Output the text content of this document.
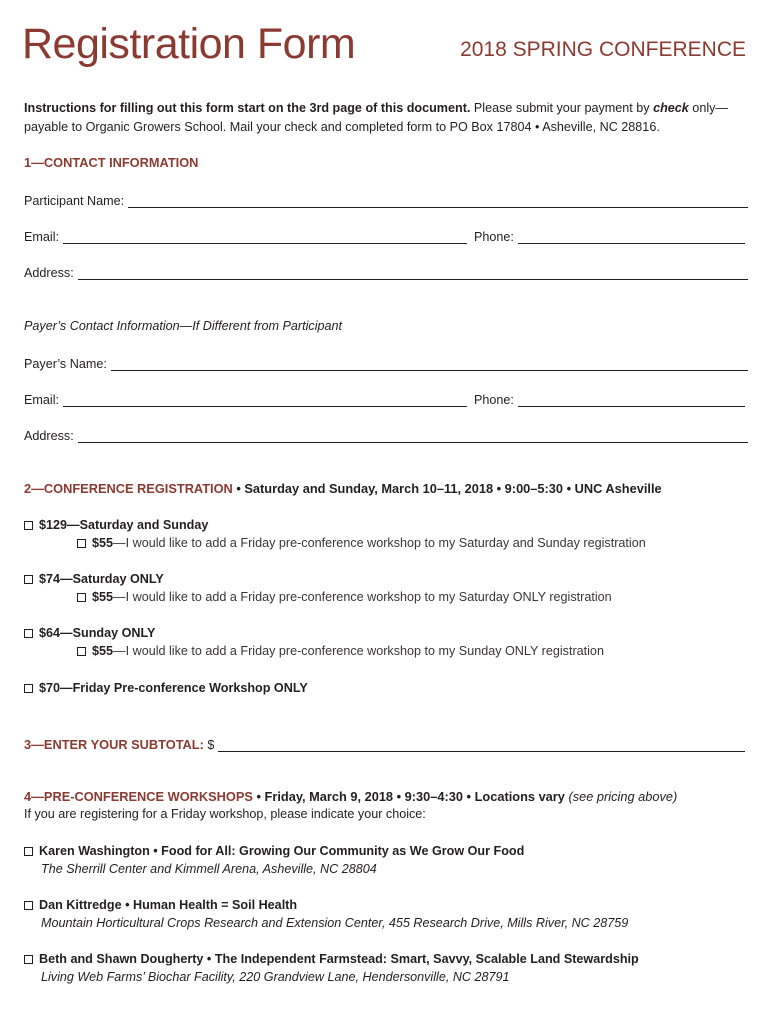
Registration Form	2018 SPRING CONFERENCE
Instructions for filling out this form start on the 3rd page of this document. Please submit your payment by check only—payable to Organic Growers School. Mail your check and completed form to PO Box 17804 • Asheville, NC 28816.
1—CONTACT INFORMATION
Participant Name:
Email:	Phone:
Address:
Payer’s Contact Information—If Different from Participant
Payer’s Name:
Email:	Phone:
Address:
2—CONFERENCE REGISTRATION • Saturday and Sunday, March 10–11, 2018 • 9:00–5:30 • UNC Asheville
$129—Saturday and Sunday
$55—I would like to add a Friday pre-conference workshop to my Saturday and Sunday registration
$74—Saturday ONLY
$55—I would like to add a Friday pre-conference workshop to my Saturday ONLY registration
$64—Sunday ONLY
$55—I would like to add a Friday pre-conference workshop to my Sunday ONLY registration
$70—Friday Pre-conference Workshop ONLY
3—ENTER YOUR SUBTOTAL: $
4—PRE-CONFERENCE WORKSHOPS • Friday, March 9, 2018 • 9:30–4:30 • Locations vary (see pricing above)
If you are registering for a Friday workshop, please indicate your choice:
Karen Washington • Food for All: Growing Our Community as We Grow Our Food
The Sherrill Center and Kimmell Arena, Asheville, NC 28804
Dan Kittredge • Human Health = Soil Health
Mountain Horticultural Crops Research and Extension Center, 455 Research Drive, Mills River, NC 28759
Beth and Shawn Dougherty • The Independent Farmstead: Smart, Savvy, Scalable Land Stewardship
Living Web Farms’ Biochar Facility, 220 Grandview Lane, Hendersonville, NC 28791
